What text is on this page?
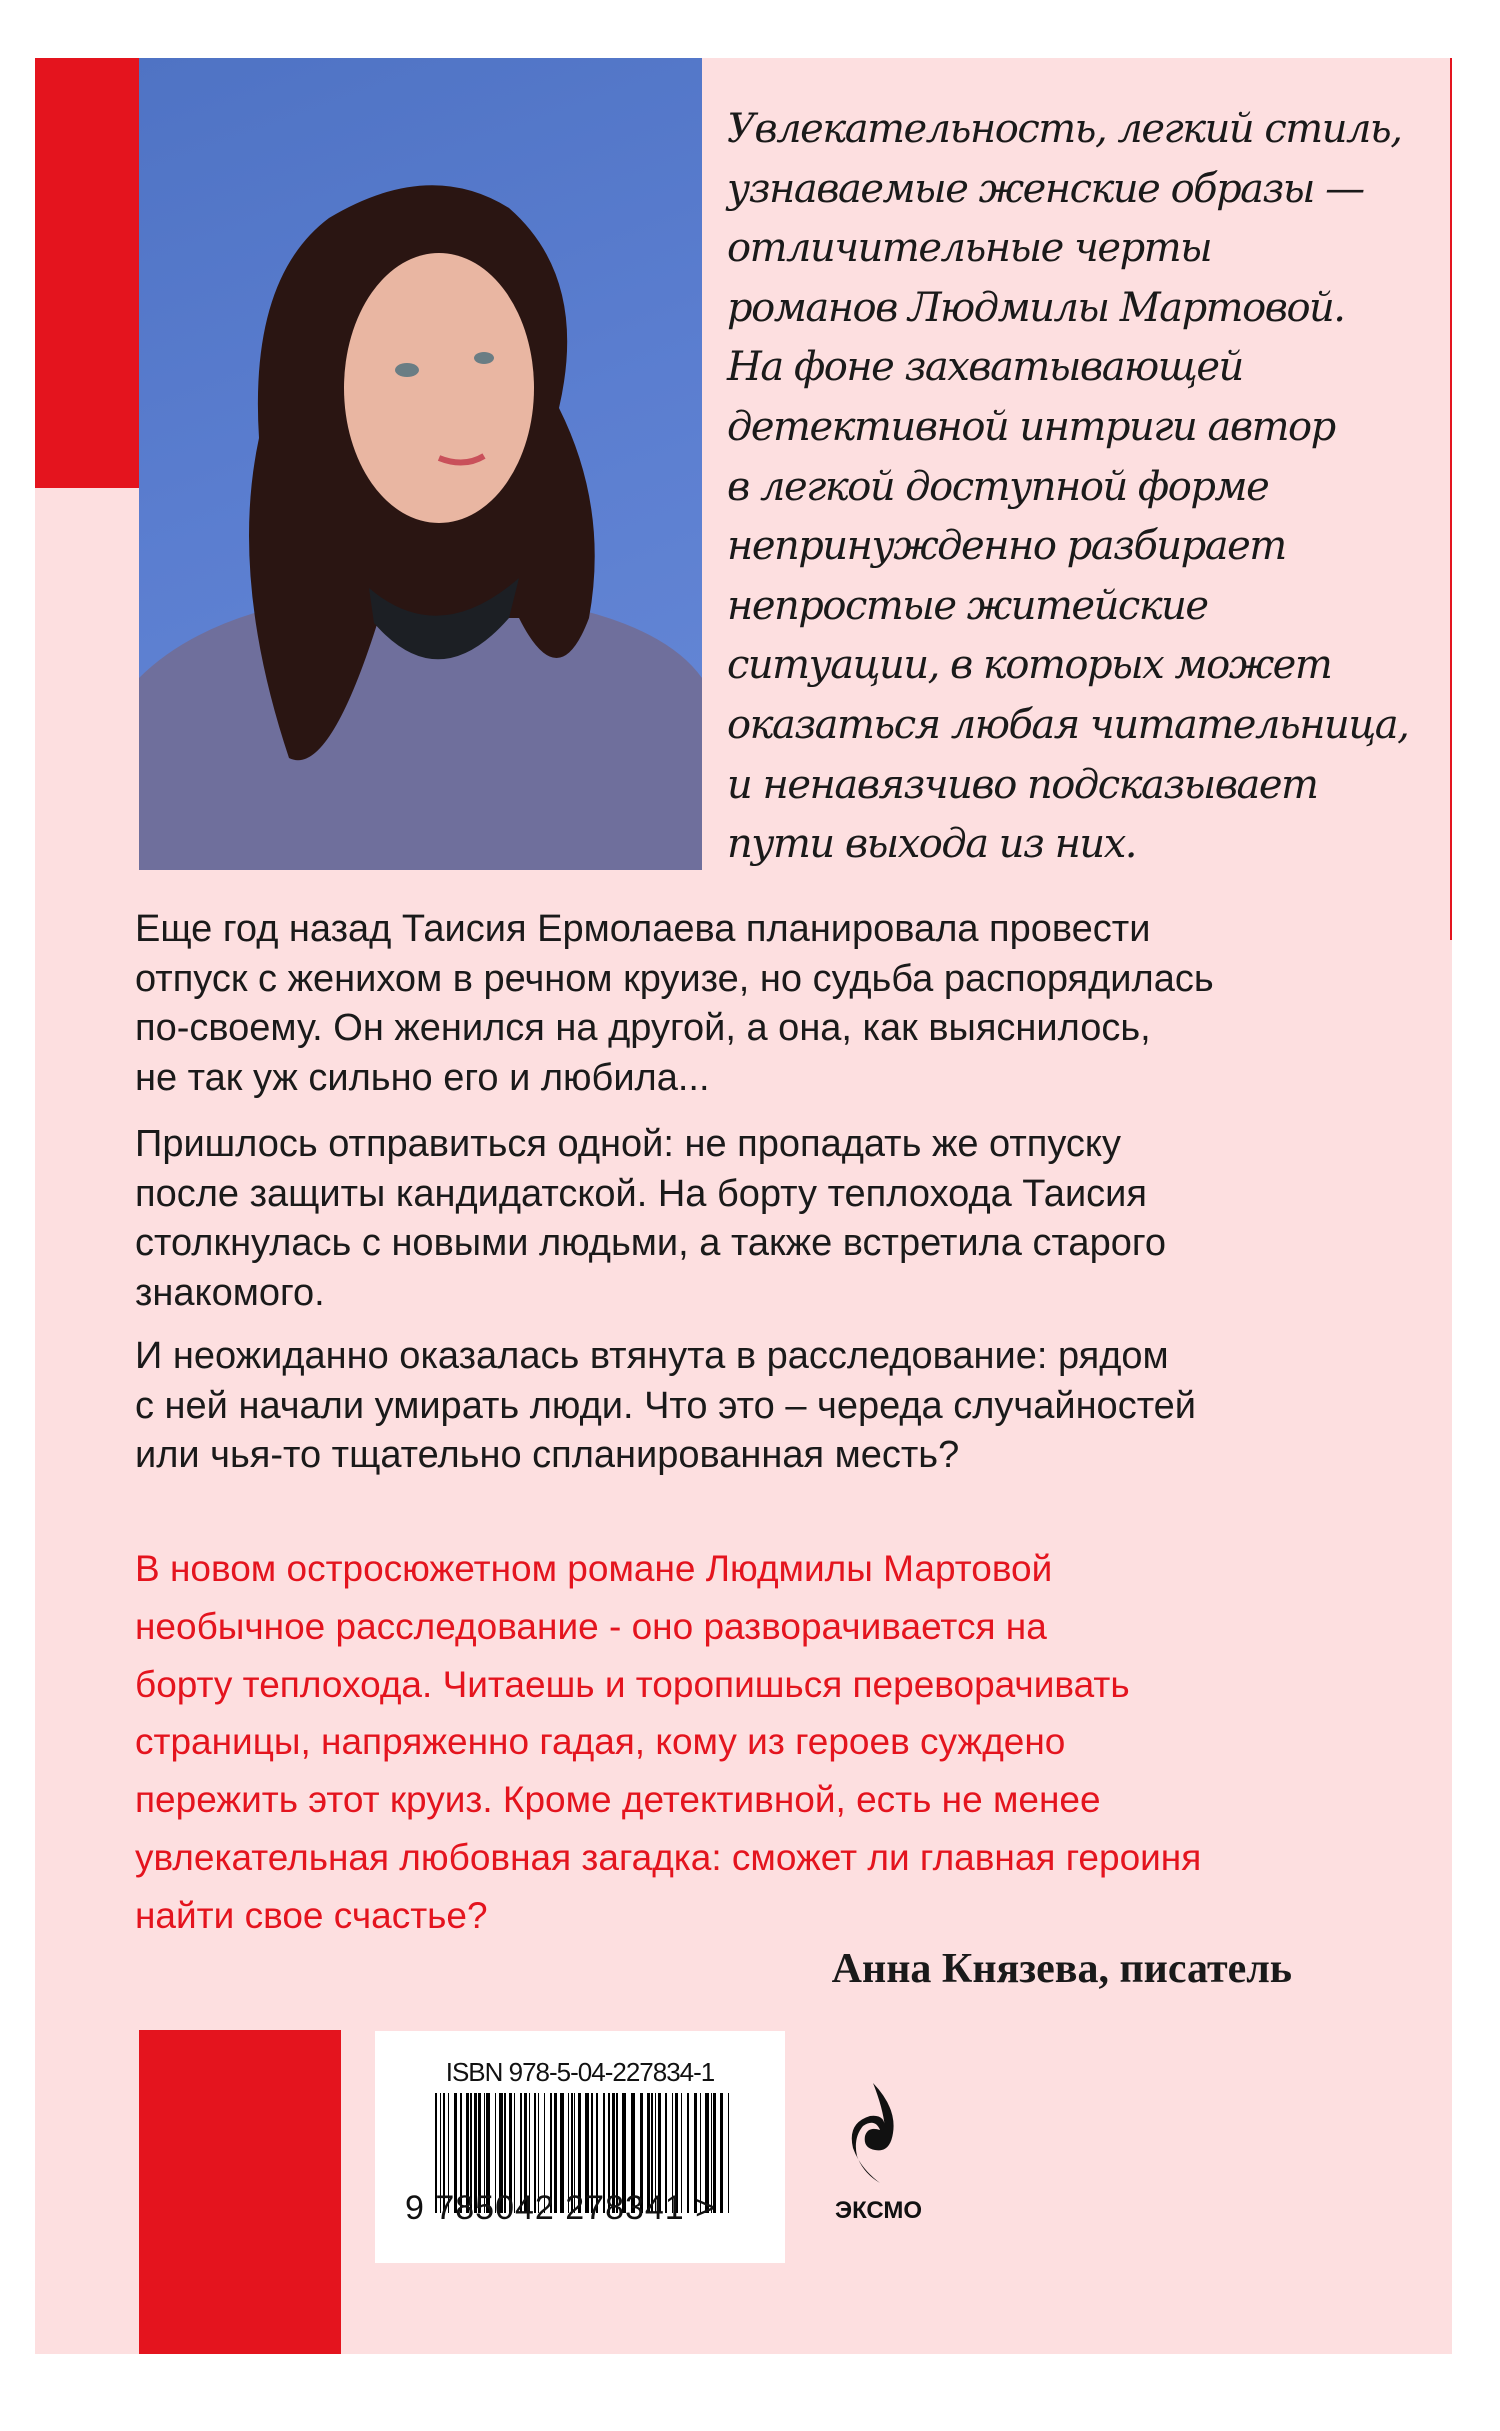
Увлекательность, легкий стиль,
узнаваемые женские образы —
отличительные черты
романов Людмилы Мартовой.
На фоне захватывающей
детективной интриги автор
в легкой доступной форме
непринужденно разбирает
непростые житейские
ситуации, в которых может
оказаться любая читательница,
и ненавязчиво подсказывает
пути выхода из них.
Еще год назад Таисия Ермолаева планировала провести
отпуск с женихом в речном круизе, но судьба распорядилась
по-своему. Он женился на другой, а она, как выяснилось,
не так уж сильно его и любила...
Пришлось отправиться одной: не пропадать же отпуску
после защиты кандидатской. На борту теплохода Таисия
столкнулась с новыми людьми, а также встретила старого
знакомого.
И неожиданно оказалась втянута в расследование: рядом
с ней начали умирать люди. Что это – череда случайностей
или чья-то тщательно спланированная месть?
В новом остросюжетном романе Людмилы Мартовой
необычное расследование - оно разворачивается на
борту теплохода. Читаешь и торопишься переворачивать
страницы, напряженно гадая, кому из героев суждено
пережить этот круиз. Кроме детективной, есть не менее
увлекательная любовная загадка: сможет ли главная героиня
найти свое счастье?
Анна Князева, писатель
ISBN 978-5-04-227834-1
9 785042 278341 >	ЭКСМО
